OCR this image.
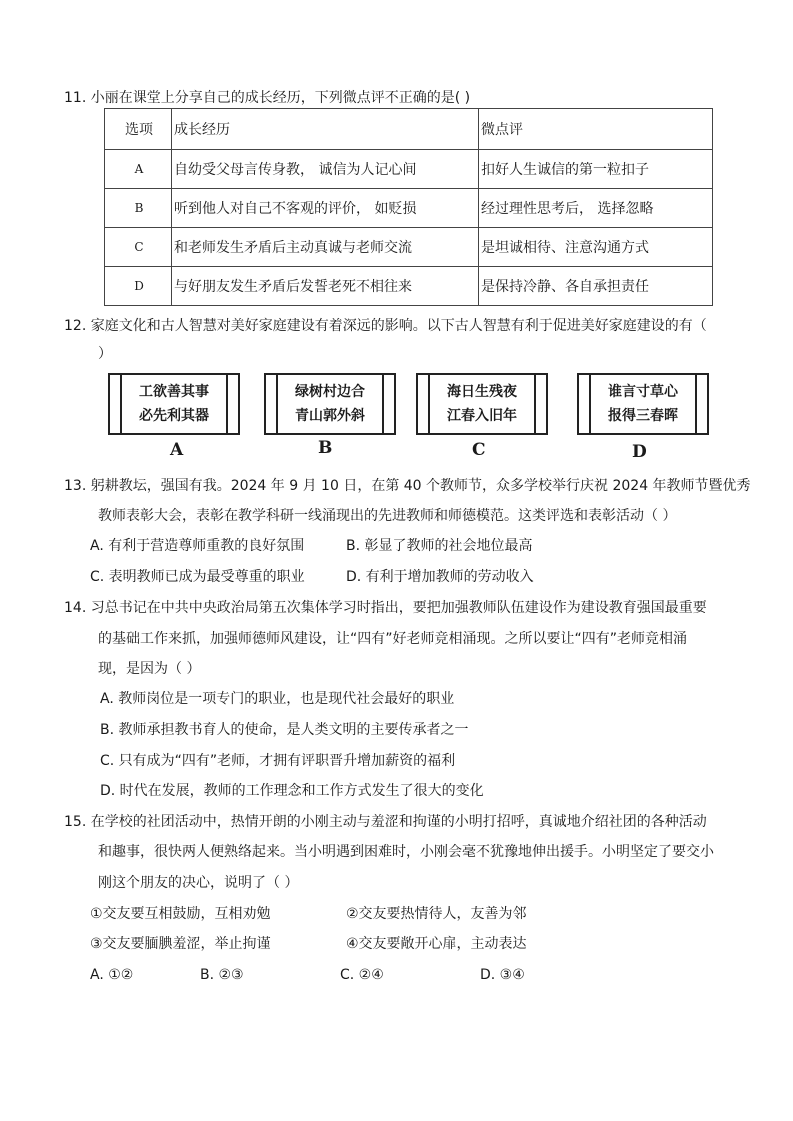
11. 小丽在课堂上分享自己的成长经历，下列微点评不正确的是( )
选项	成长经历	微点评
A	自幼受父母言传身教， 诚信为人记心间	扣好人生诚信的第一粒扣子
B	听到他人对自己不客观的评价， 如贬损	经过理性思考后， 选择忽略
C	和老师发生矛盾后主动真诚与老师交流	是坦诚相待、注意沟通方式
D	与好朋友发生矛盾后发誓老死不相往来	是保持冷静、各自承担责任
12. 家庭文化和古人智慧对美好家庭建设有着深远的影响。以下古人智慧有利于促进美好家庭建设的有（
）
工欲善其事
必先利其器
A
绿树村边合
青山郭外斜
B
海日生残夜
江春入旧年
C
谁言寸草心
报得三春晖
D
13. 躬耕教坛，强国有我。2024 年 9 月 10 日，在第 40 个教师节，众多学校举行庆祝 2024 年教师节暨优秀
教师表彰大会，表彰在教学科研一线涌现出的先进教师和师德模范。这类评选和表彰活动（ ）
A. 有利于营造尊师重教的良好氛围	B. 彰显了教师的社会地位最高
C. 表明教师已成为最受尊重的职业	D. 有利于增加教师的劳动收入
14. 习总书记在中共中央政治局第五次集体学习时指出，要把加强教师队伍建设作为建设教育强国最重要
的基础工作来抓，加强师德师风建设，让“四有”好老师竞相涌现。之所以要让“四有”老师竞相涌
现，是因为（ ）
A. 教师岗位是一项专门的职业，也是现代社会最好的职业
B. 教师承担教书育人的使命，是人类文明的主要传承者之一
C. 只有成为“四有”老师，才拥有评职晋升增加薪资的福利
D. 时代在发展，教师的工作理念和工作方式发生了很大的变化
15. 在学校的社团活动中，热情开朗的小刚主动与羞涩和拘谨的小明打招呼，真诚地介绍社团的各种活动
和趣事，很快两人便熟络起来。当小明遇到困难时，小刚会毫不犹豫地伸出援手。小明坚定了要交小
刚这个朋友的决心，说明了（ ）
①交友要互相鼓励，互相劝勉	②交友要热情待人，友善为邻
③交友要腼腆羞涩，举止拘谨	④交友要敞开心扉，主动表达
A. ①②	B. ②③	C. ②④	D. ③④
